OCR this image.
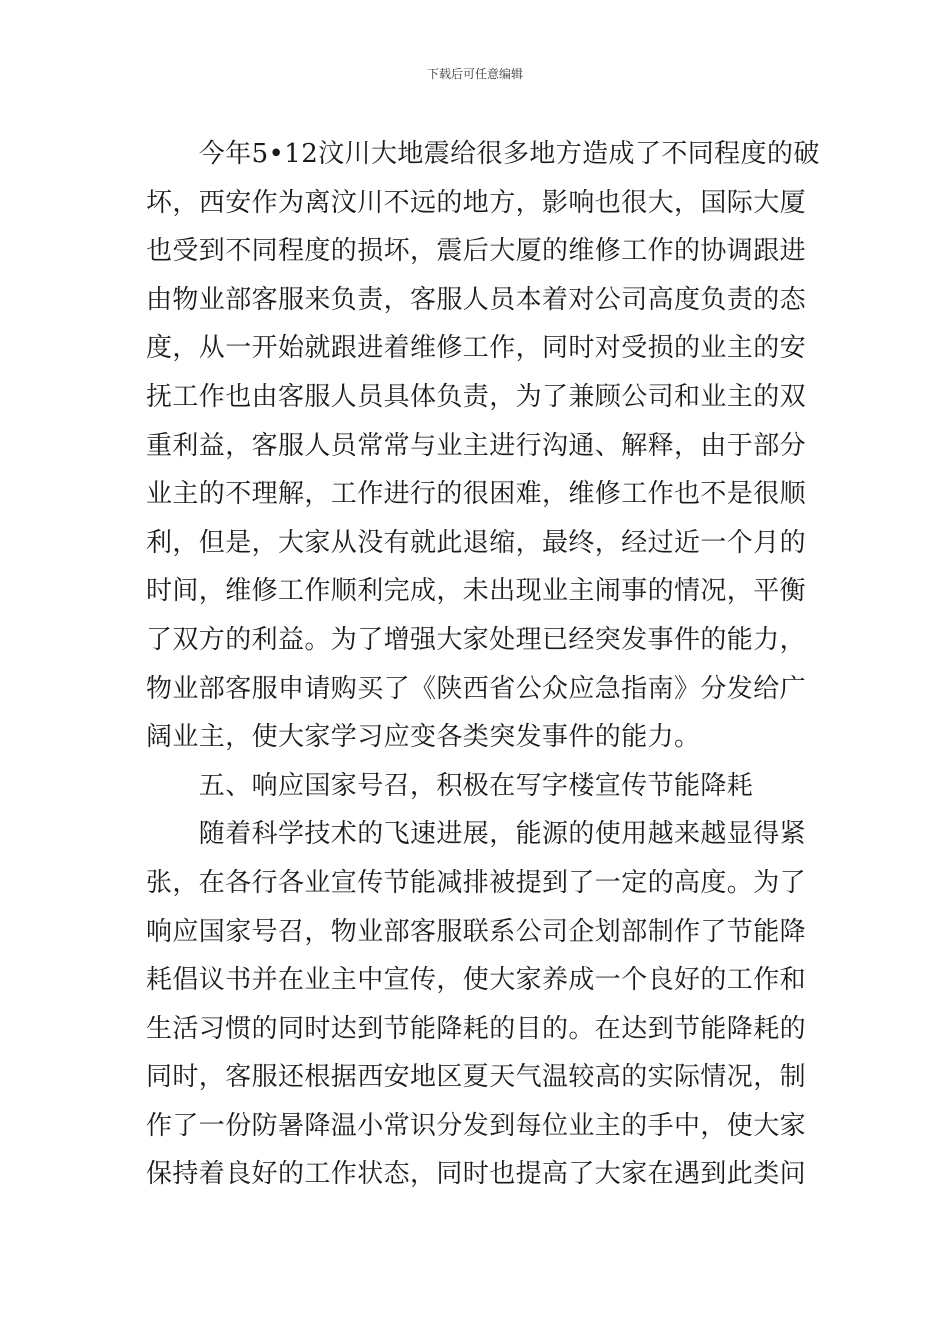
下载后可任意编辑
　　今年5•12汶川大地震给很多地方造成了不同程度的破
坏，西安作为离汶川不远的地方，影响也很大，国际大厦
也受到不同程度的损坏，震后大厦的维修工作的协调跟进
由物业部客服来负责，客服人员本着对公司高度负责的态
度，从一开始就跟进着维修工作，同时对受损的业主的安
抚工作也由客服人员具体负责，为了兼顾公司和业主的双
重利益，客服人员常常与业主进行沟通、解释，由于部分
业主的不理解，工作进行的很困难，维修工作也不是很顺
利，但是，大家从没有就此退缩，最终，经过近一个月的
时间，维修工作顺利完成，未出现业主闹事的情况，平衡
了双方的利益。为了增强大家处理已经突发事件的能力，
物业部客服申请购买了《陕西省公众应急指南》分发给广
阔业主，使大家学习应变各类突发事件的能力。
　　五、响应国家号召，积极在写字楼宣传节能降耗
　　随着科学技术的飞速进展，能源的使用越来越显得紧
张，在各行各业宣传节能减排被提到了一定的高度。为了
响应国家号召，物业部客服联系公司企划部制作了节能降
耗倡议书并在业主中宣传，使大家养成一个良好的工作和
生活习惯的同时达到节能降耗的目的。在达到节能降耗的
同时，客服还根据西安地区夏天气温较高的实际情况，制
作了一份防暑降温小常识分发到每位业主的手中，使大家
保持着良好的工作状态，同时也提高了大家在遇到此类问
